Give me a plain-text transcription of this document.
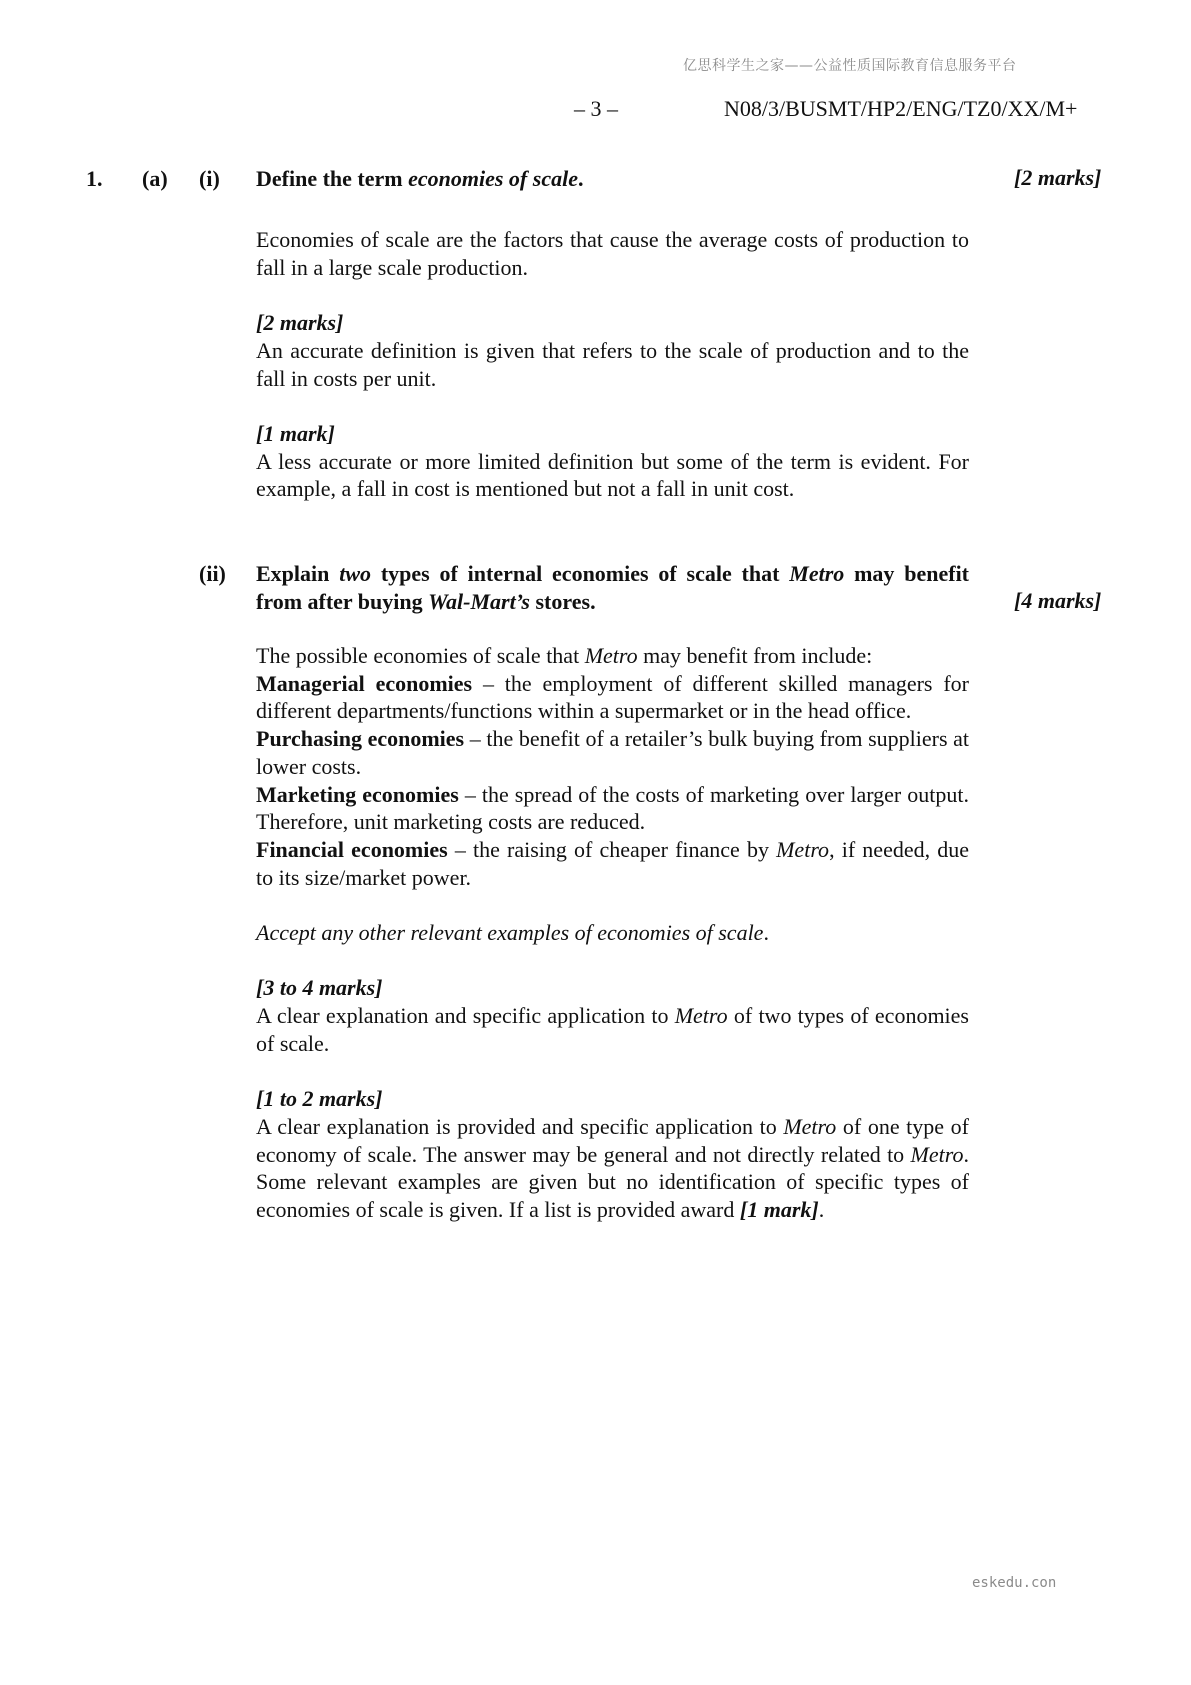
亿思科学生之家——公益性质国际教育信息服务平台
– 3 –	N08/3/BUSMT/HP2/ENG/TZ0/XX/M+
1. (a) (i) Define the term economies of scale.	[2 marks]

Economies of scale are the factors that cause the average costs of production to fall in a large scale production.

[2 marks]

An accurate definition is given that refers to the scale of production and to the fall in costs per unit.

[1 mark]

A less accurate or more limited definition but some of the term is evident. For example, a fall in cost is mentioned but not a fall in unit cost.

(ii) Explain two types of internal economies of scale that Metro may benefit from after buying Wal-Mart’s stores.	[4 marks]

The possible economies of scale that Metro may benefit from include:

Managerial economies – the employment of different skilled managers for different departments/functions within a supermarket or in the head office.

Purchasing economies – the benefit of a retailer’s bulk buying from suppliers at lower costs.

Marketing economies – the spread of the costs of marketing over larger output. Therefore, unit marketing costs are reduced.

Financial economies – the raising of cheaper finance by Metro, if needed, due to its size/market power.

Accept any other relevant examples of economies of scale.

[3 to 4 marks]

A clear explanation and specific application to Metro of two types of economies of scale.

[1 to 2 marks]

A clear explanation is provided and specific application to Metro of one type of economy of scale. The answer may be general and not directly related to Metro. Some relevant examples are given but no identification of specific types of economies of scale is given. If a list is provided award [1 mark].

eskedu.con
